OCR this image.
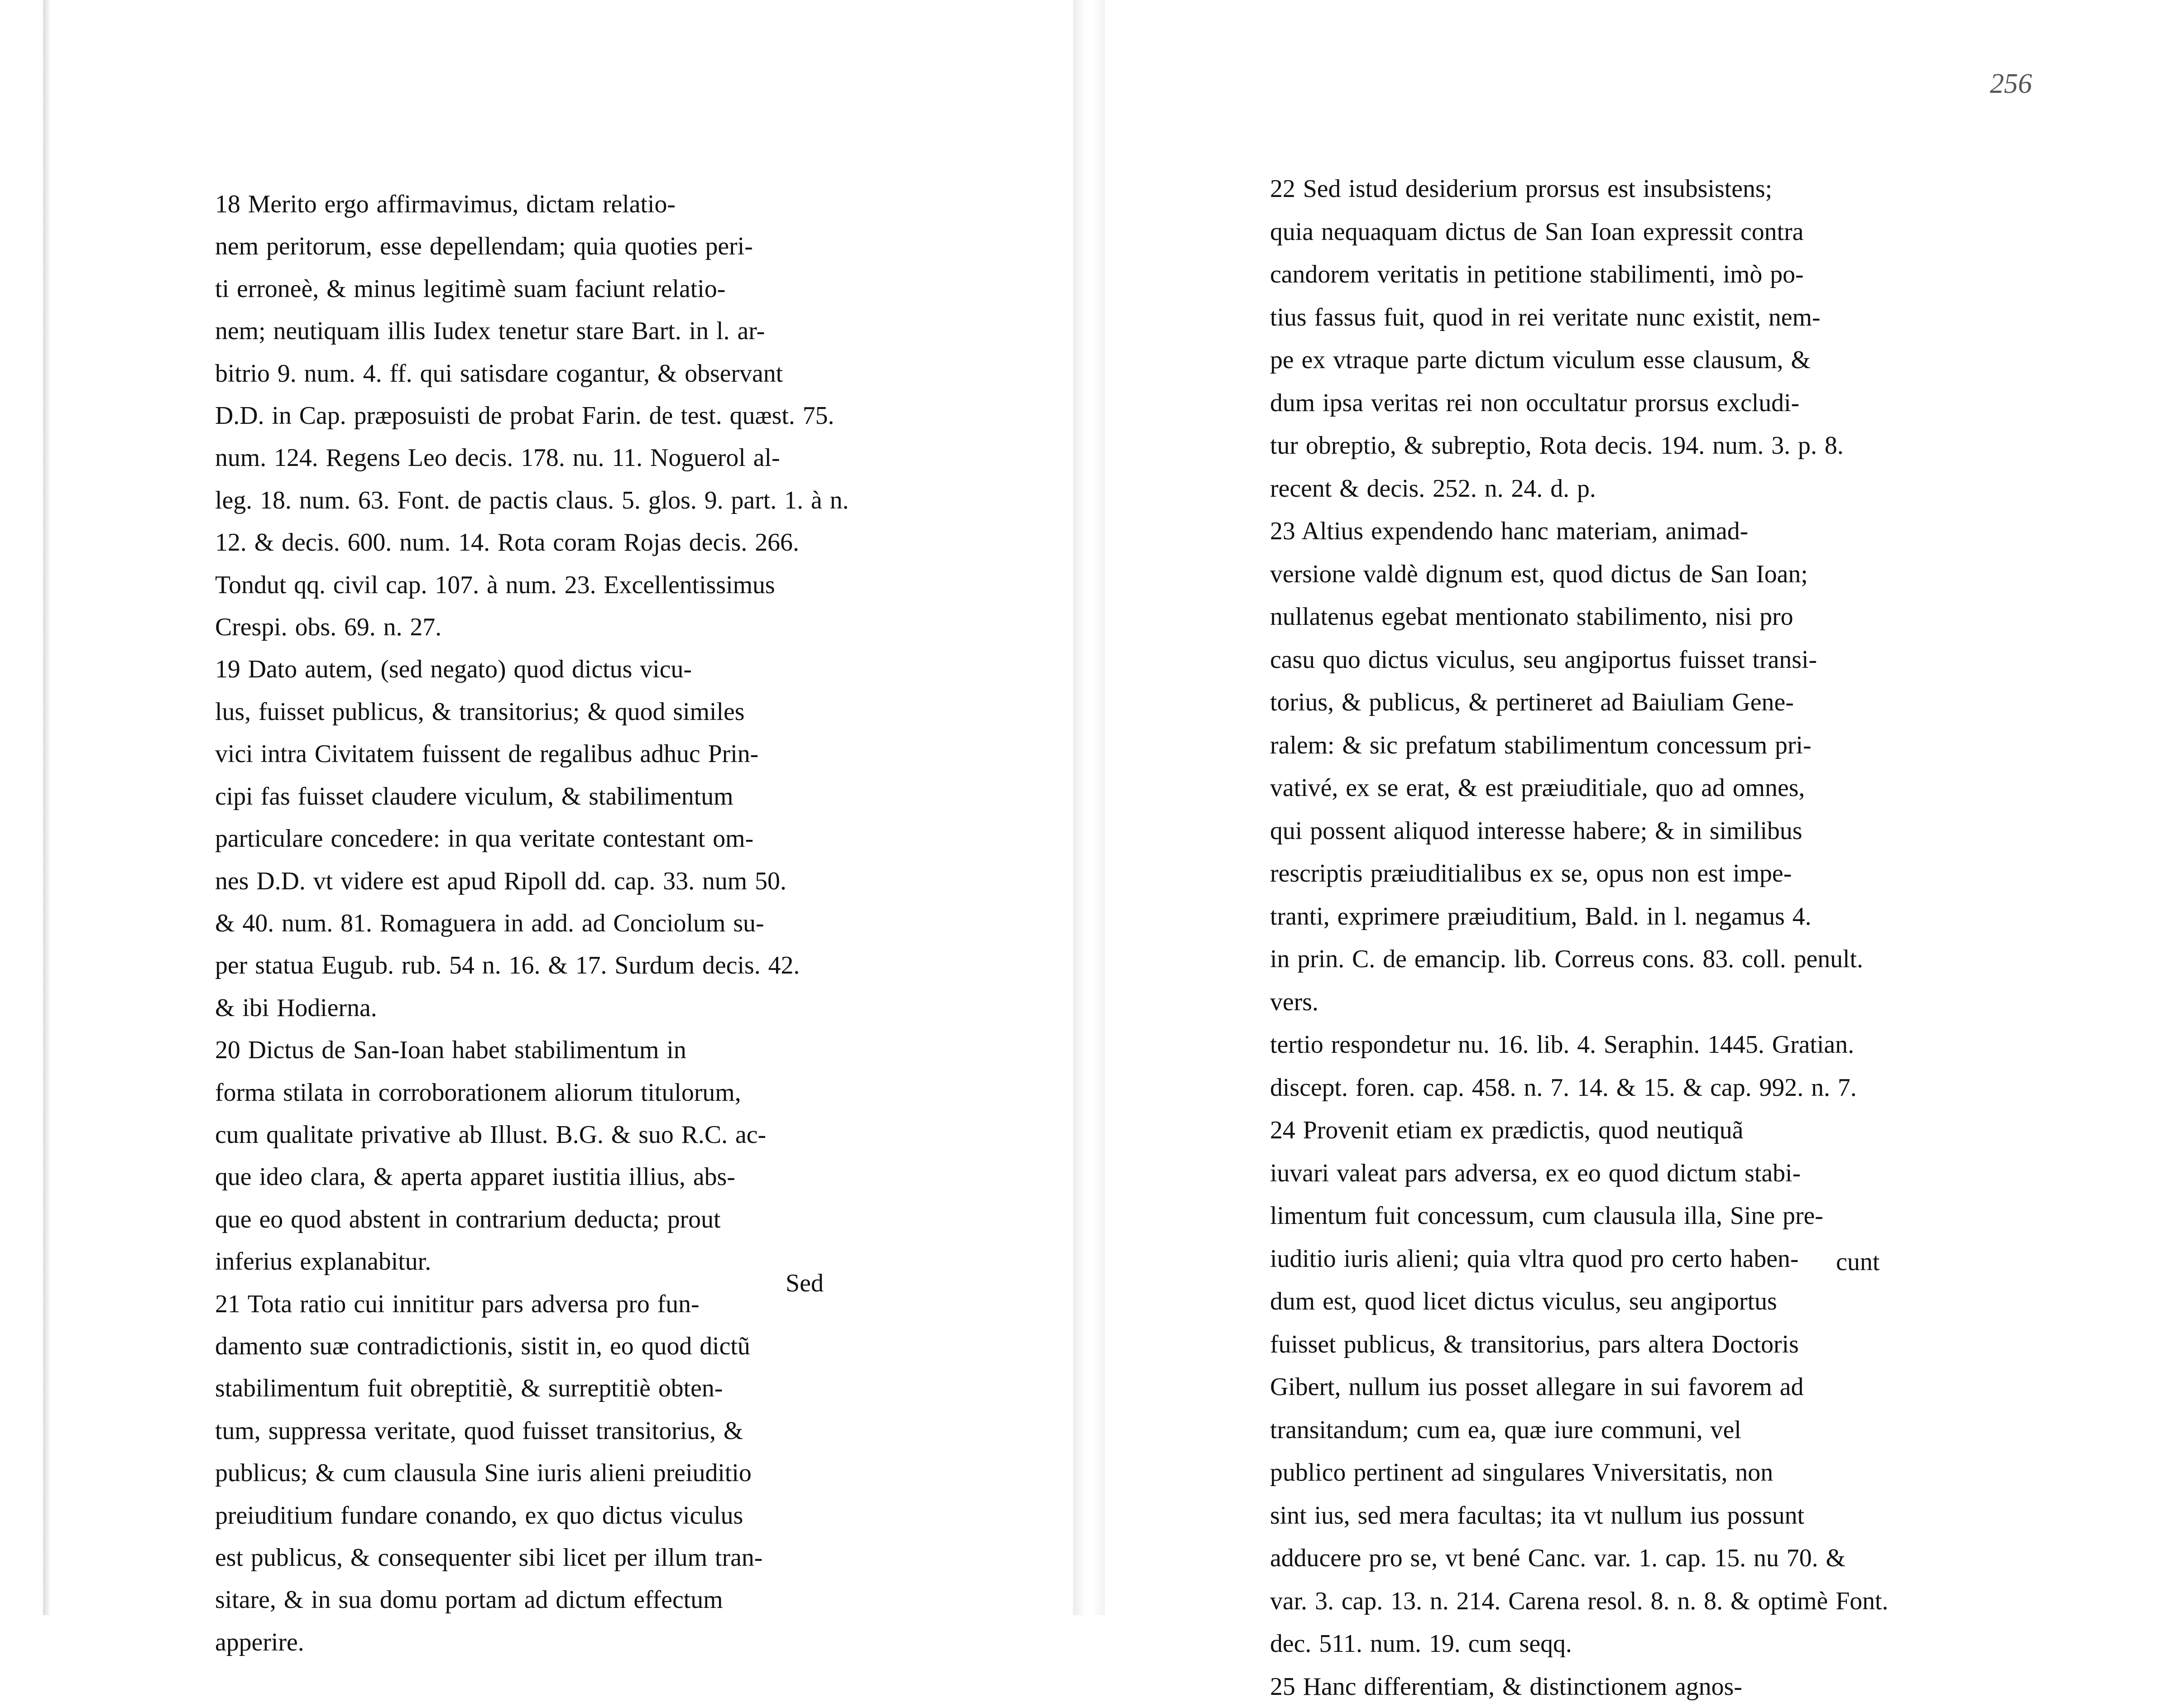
18 Merito ergo affirmavimus, dictam relatio-

nem peritorum, esse depellendam; quia quoties peri-

ti erroneè, & minus legitimè suam faciunt relatio-

nem; neutiquam illis Iudex tenetur stare Bart. in l. ar-

bitrio 9. num. 4. ff. qui satisdare cogantur, & observant

D.D. in Cap. præposuisti de probat Farin. de test. quæst. 75.

num. 124. Regens Leo decis. 178. nu. 11. Noguerol al-

leg. 18. num. 63. Font. de pactis claus. 5. glos. 9. part. 1. à n.

12. & decis. 600. num. 14. Rota coram Rojas decis. 266.

Tondut qq. civil cap. 107. à num. 23. Excellentissimus

Crespi. obs. 69. n. 27.

19 Dato autem, (sed negato) quod dictus vicu-

lus, fuisset publicus, & transitorius; & quod similes

vici intra Civitatem fuissent de regalibus adhuc Prin-

cipi fas fuisset claudere viculum, & stabilimentum

particulare concedere: in qua veritate contestant om-

nes D.D. vt videre est apud Ripoll dd. cap. 33. num 50.

& 40. num. 81. Romaguera in add. ad Conciolum su-

per statua Eugub. rub. 54 n. 16. & 17. Surdum decis. 42.

& ibi Hodierna.

20 Dictus de San-Ioan habet stabilimentum in

forma stilata in corroborationem aliorum titulorum,

cum qualitate privative ab Illust. B.G. & suo R.C. ac-

que ideo clara, & aperta apparet iustitia illius, abs-

que eo quod abstent in contrarium deducta; prout

inferius explanabitur.

21 Tota ratio cui innititur pars adversa pro fun-

damento suæ contradictionis, sistit in, eo quod dictũ

stabilimentum fuit obreptitiè, & surreptitiè obten-

tum, suppressa veritate, quod fuisset transitorius, &

publicus; & cum clausula Sine iuris alieni preiuditio

preiuditium fundare conando, ex quo dictus viculus

est publicus, & consequenter sibi licet per illum tran-

sitare, & in sua domu portam ad dictum effectum

apperire.

Sed

22 Sed istud desiderium prorsus est insubsistens;

quia nequaquam dictus de San Ioan expressit contra

candorem veritatis in petitione stabilimenti, imò po-

tius fassus fuit, quod in rei veritate nunc existit, nem-

pe ex vtraque parte dictum viculum esse clausum, &

dum ipsa veritas rei non occultatur prorsus excludi-

tur obreptio, & subreptio, Rota decis. 194. num. 3. p. 8.

recent & decis. 252. n. 24. d. p.

23 Altius expendendo hanc materiam, animad-

versione valdè dignum est, quod dictus de San Ioan;

nullatenus egebat mentionato stabilimento, nisi pro

casu quo dictus viculus, seu angiportus fuisset transi-

torius, & publicus, & pertineret ad Baiuliam Gene-

ralem: & sic prefatum stabilimentum concessum pri-

vativé, ex se erat, & est præiuditiale, quo ad omnes,

qui possent aliquod interesse habere; & in similibus

rescriptis præiuditialibus ex se, opus non est impe-

tranti, exprimere præiuditium, Bald. in l. negamus 4.

in prin. C. de emancip. lib. Correus cons. 83. coll. penult. vers.

tertio respondetur nu. 16. lib. 4. Seraphin. 1445. Gratian.

discept. foren. cap. 458. n. 7. 14. & 15. & cap. 992. n. 7.

24 Provenit etiam ex prædictis, quod neutiquã

iuvari valeat pars adversa, ex eo quod dictum stabi-

limentum fuit concessum, cum clausula illa, Sine pre-

iuditio iuris alieni; quia vltra quod pro certo haben-

dum est, quod licet dictus viculus, seu angiportus

fuisset publicus, & transitorius, pars altera Doctoris

Gibert, nullum ius posset allegare in sui favorem ad

transitandum; cum ea, quæ iure communi, vel

publico pertinent ad singulares Vniversitatis, non

sint ius, sed mera facultas; ita vt nullum ius possunt

adducere pro se, vt bené Canc. var. 1. cap. 15. nu 70. &

var. 3. cap. 13. n. 214. Carena resol. 8. n. 8. & optimè Font.

dec. 511. num. 19. cum seqq.

25 Hanc differentiam, & distinctionem agnos-

cunt
256
